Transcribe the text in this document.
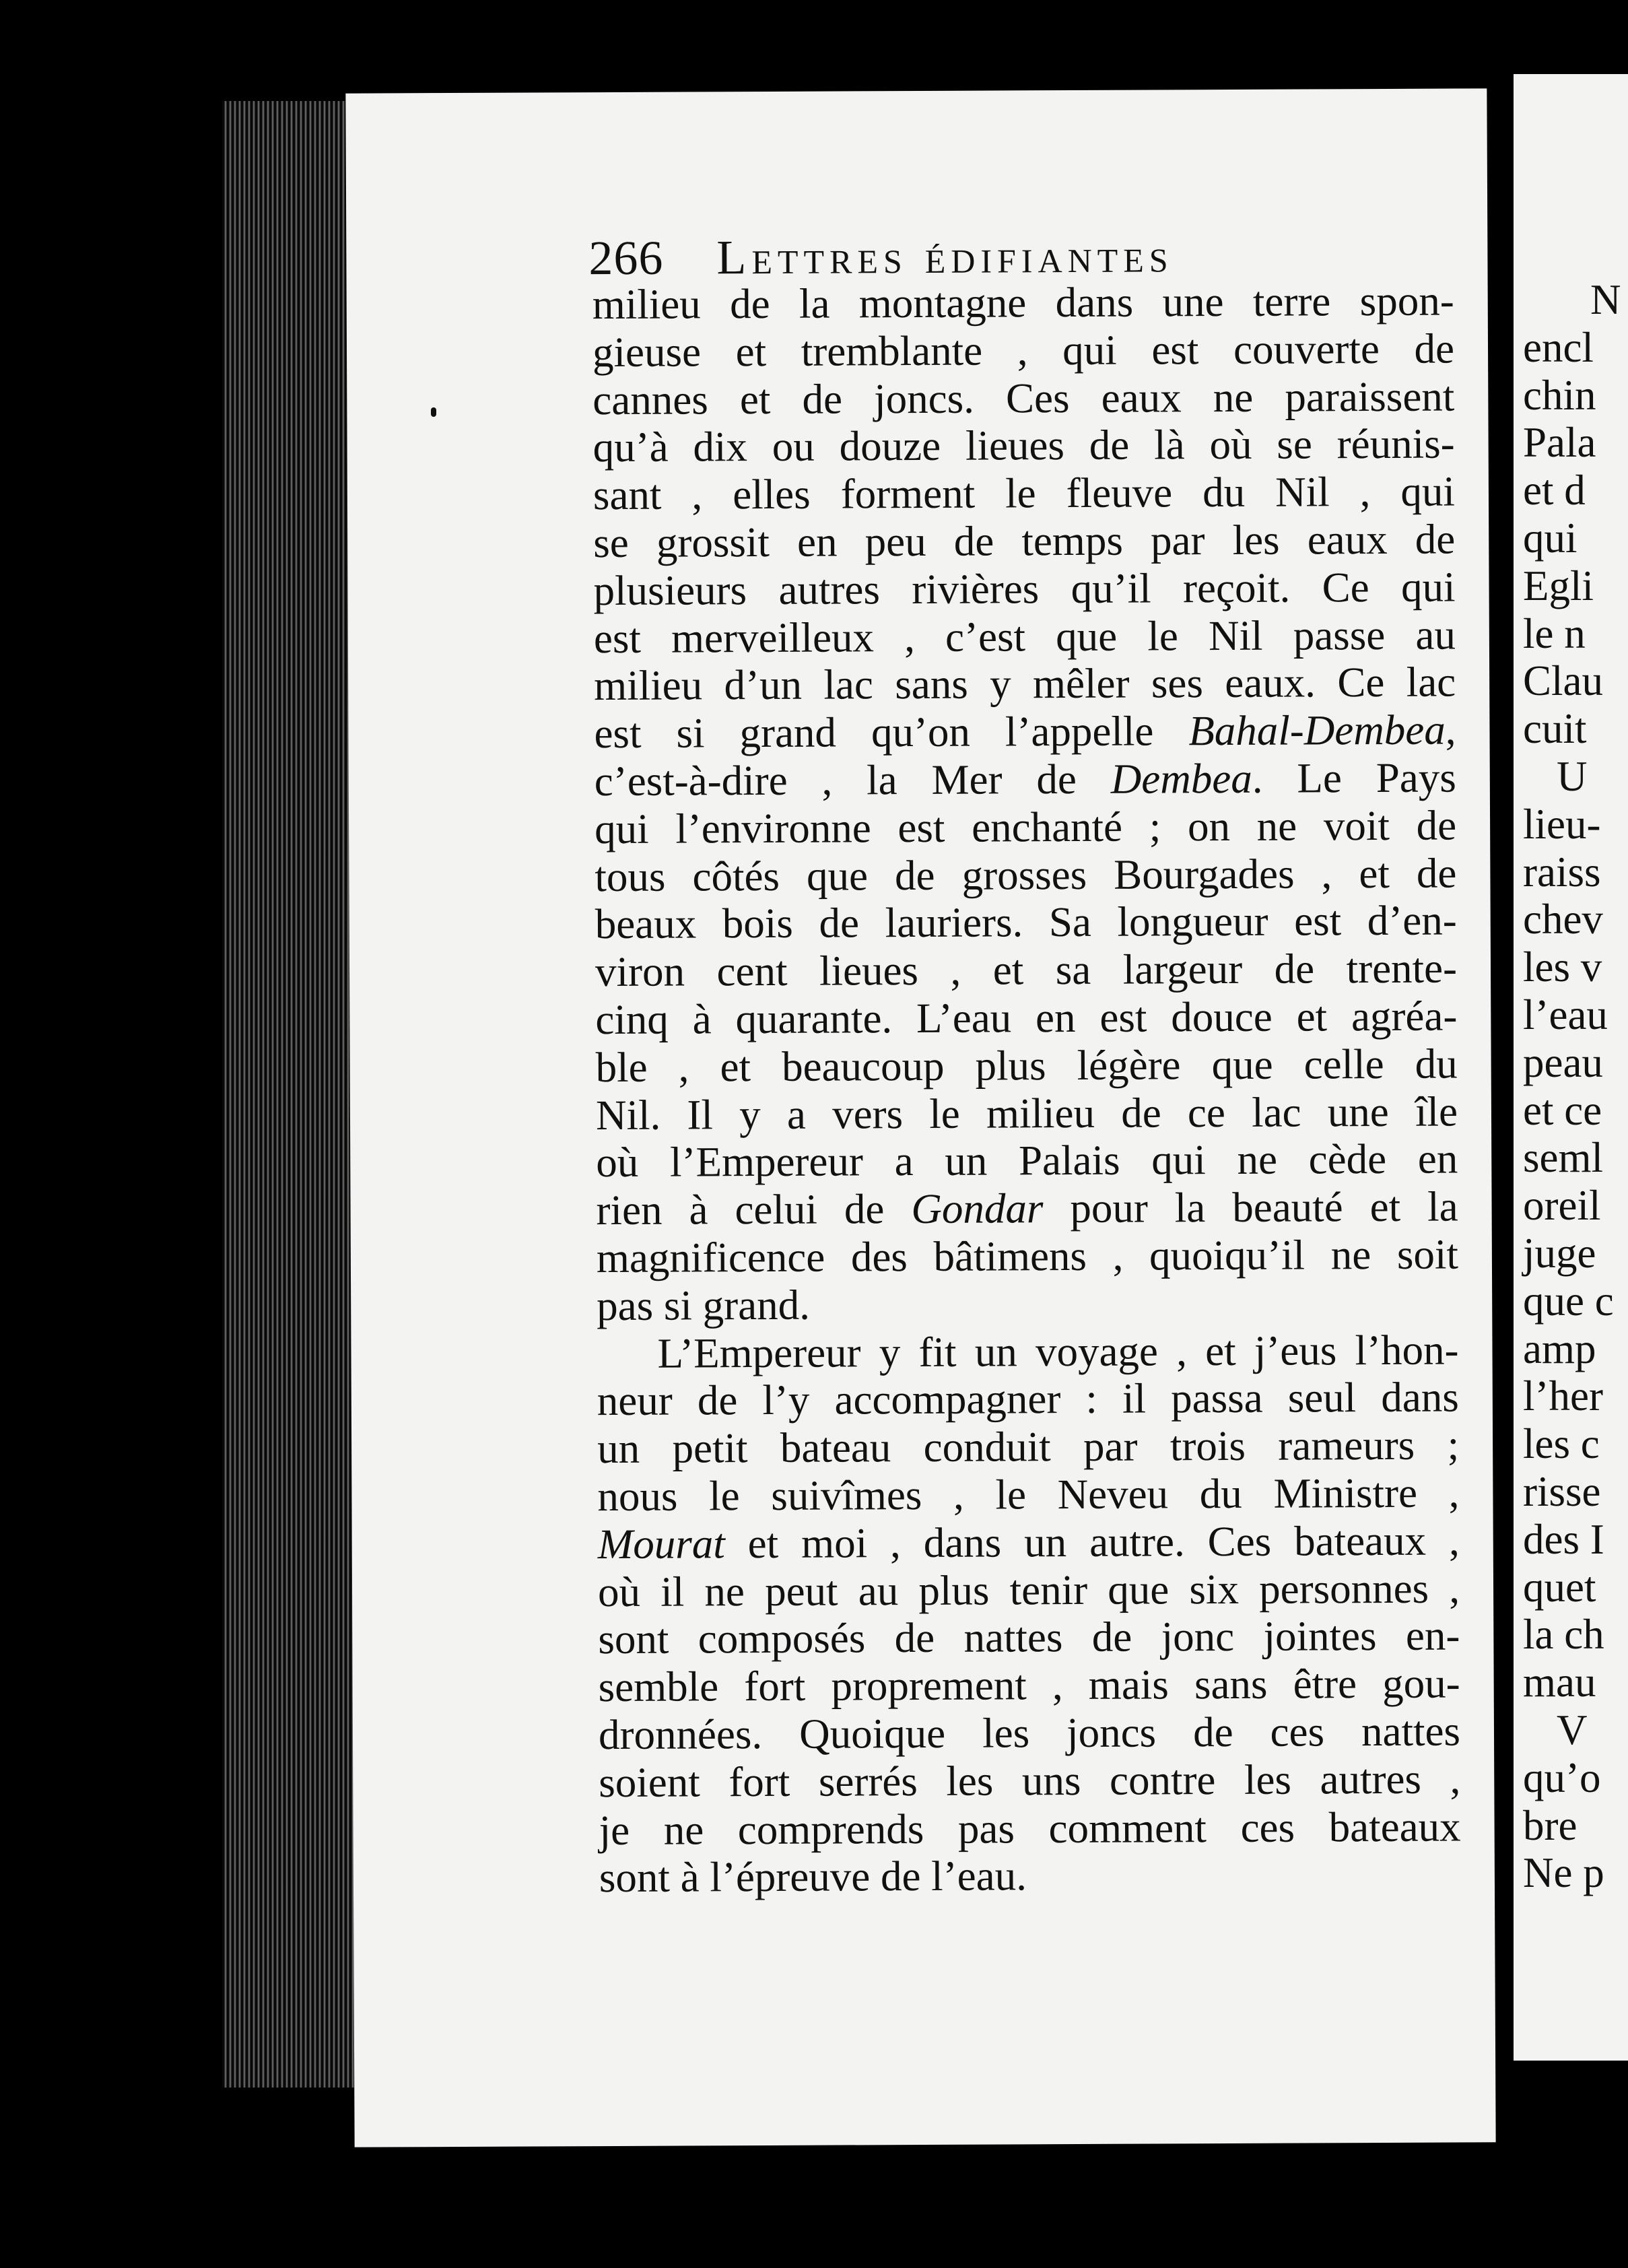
266 Lettres édifiantes
milieu de la montagne dans une terre spon-
gieuse et tremblante , qui est couverte de
cannes et de joncs. Ces eaux ne paraissent
qu’à dix ou douze lieues de là où se réunis-
sant , elles forment le fleuve du Nil , qui
se grossit en peu de temps par les eaux de
plusieurs autres rivières qu’il reçoit. Ce qui
est merveilleux , c’est que le Nil passe au
milieu d’un lac sans y mêler ses eaux. Ce lac
est si grand qu’on l’appelle Bahal-Dembea,
c’est-à-dire , la Mer de Dembea. Le Pays
qui l’environne est enchanté ; on ne voit de
tous côtés que de grosses Bourgades , et de
beaux bois de lauriers. Sa longueur est d’en-
viron cent lieues , et sa largeur de trente-
cinq à quarante. L’eau en est douce et agréa-
ble , et beaucoup plus légère que celle du
Nil. Il y a vers le milieu de ce lac une île
où l’Empereur a un Palais qui ne cède en
rien à celui de Gondar pour la beauté et la
magnificence des bâtimens , quoiqu’il ne soit
pas si grand.
L’Empereur y fit un voyage , et j’eus l’hon-
neur de l’y accompagner : il passa seul dans
un petit bateau conduit par trois rameurs ;
nous le suivîmes , le Neveu du Ministre ,
Mourat et moi , dans un autre. Ces bateaux ,
où il ne peut au plus tenir que six personnes ,
sont composés de nattes de jonc jointes en-
semble fort proprement , mais sans être gou-
dronnées. Quoique les joncs de ces nattes
soient fort serrés les uns contre les autres ,
je ne comprends pas comment ces bateaux
sont à l’épreuve de l’eau.
N
encl
chin
Pala
et d
qui
Egli
le n
Clau
cuit
U
lieu-
raiss
chev
les v
l’eau
peau
et ce
seml
oreil
juge
que c
amp
l’her
les c
risse
des I
quet
la ch
mau
V
qu’o
bre
Ne p
